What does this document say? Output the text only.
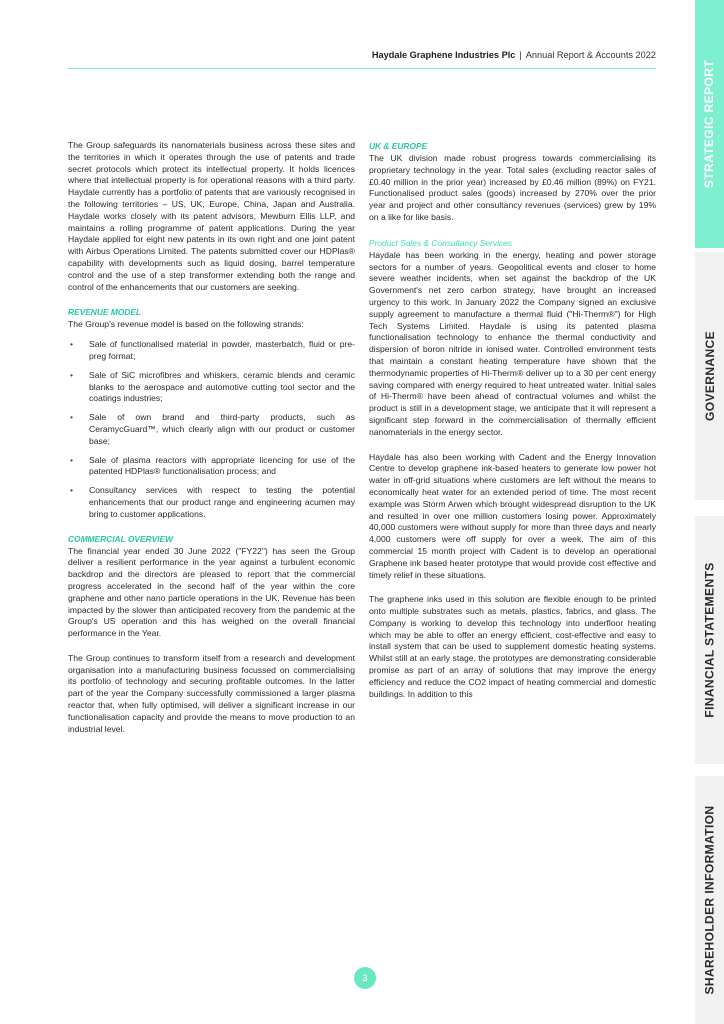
Haydale Graphene Industries Plc | Annual Report & Accounts 2022

The Group safeguards its nanomaterials business across these sites and the territories in which it operates through the use of patents and trade secret protocols which protect its intellectual property. It holds licences where that intellectual property is for operational reasons with a third party. Haydale currently has a portfolio of patents that are variously recognised in the following territories – US, UK, Europe, China, Japan and Australia. Haydale works closely with its patent advisors, Mewburn Ellis LLP, and maintains a rolling programme of patent applications. During the year Haydale applied for eight new patents in its own right and one joint patent with Airbus Operations Limited. The patents submitted cover our HDPlas® capability with developments such as liquid dosing, barrel temperature control and the use of a step transformer extending both the range and control of the enhancements that our customers are seeking.

REVENUE MODEL

The Group's revenue model is based on the following strands:

• Sale of functionalised material in powder, masterbatch, fluid or pre-preg format;
• Sale of SiC microfibres and whiskers, ceramic blends and ceramic blanks to the aerospace and automotive cutting tool sector and the coatings industries;
• Sale of own brand and third-party products, such as CeramycGuard™, which clearly align with our product or customer base;
• Sale of plasma reactors with appropriate licencing for use of the patented HDPlas® functionalisation process; and
• Consultancy services with respect to testing the potential enhancements that our product range and engineering acumen may bring to customer applications.
COMMERCIAL OVERVIEW

The financial year ended 30 June 2022 ("FY22") has seen the Group deliver a resilient performance in the year against a turbulent economic backdrop and the directors are pleased to report that the commercial progress accelerated in the second half of the year within the core graphene and other nano particle operations in the UK. Revenue has been impacted by the slower than anticipated recovery from the pandemic at the Group's US operation and this has weighed on the overall financial performance in the Year.

The Group continues to transform itself from a research and development organisation into a manufacturing business focussed on commercialising its portfolio of technology and securing profitable outcomes. In the latter part of the year the Company successfully commissioned a larger plasma reactor that, when fully optimised, will deliver a significant increase in our functionalisation capacity and provide the means to move production to an industrial level.

UK & EUROPE

The UK division made robust progress towards commercialising its proprietary technology in the year. Total sales (excluding reactor sales of £0.40 million in the prior year) increased by £0.46 million (89%) on FY21. Functionalised product sales (goods) increased by 270% over the prior year and project and other consultancy revenues (services) grew by 19% on a like for like basis.

Product Sales & Consultancy Services

Haydale has been working in the energy, heating and power storage sectors for a number of years. Geopolitical events and closer to home severe weather incidents, when set against the backdrop of the UK Government's net zero carbon strategy, have brought an increased urgency to this work. In January 2022 the Company signed an exclusive supply agreement to manufacture a thermal fluid ("Hi-Therm®") for High Tech Systems Limited. Haydale is using its patented plasma functionalisation technology to enhance the thermal conductivity and dispersion of boron nitride in ionised water. Controlled environment tests that maintain a constant heating temperature have shown that the thermodynamic properties of Hi-Therm® deliver up to a 30 per cent energy saving compared with energy required to heat untreated water. Initial sales of Hi-Therm® have been ahead of contractual volumes and whilst the product is still in a development stage, we anticipate that it will represent a significant step forward in the commercialisation of thermally efficient nanomaterials in the energy sector.

Haydale has also been working with Cadent and the Energy Innovation Centre to develop graphene ink-based heaters to generate low power hot water in off-grid situations where customers are left without the means to economically heat water for an extended period of time. The most recent example was Storm Arwen which brought widespread disruption to the UK and resulted in over one million customers losing power. Approximately 40,000 customers were without supply for more than three days and nearly 4,000 customers were off supply for over a week. The aim of this commercial 15 month project with Cadent is to develop an operational Graphene ink based heater prototype that would provide cost effective and timely relief in these situations.

The graphene inks used in this solution are flexible enough to be printed onto multiple substrates such as metals, plastics, fabrics, and glass. The Company is working to develop this technology into underfloor heating which may be able to offer an energy efficient, cost-effective and easy to install system that can be used to supplement domestic heating systems. Whilst still at an early stage, the prototypes are demonstrating considerable promise as part of an array of solutions that may improve the energy efficiency and reduce the CO2 impact of heating commercial and domestic buildings. In addition to this

STRATEGIC REPORT
GOVERNANCE
FINANCIAL STATEMENTS
SHAREHOLDER INFORMATION
3
